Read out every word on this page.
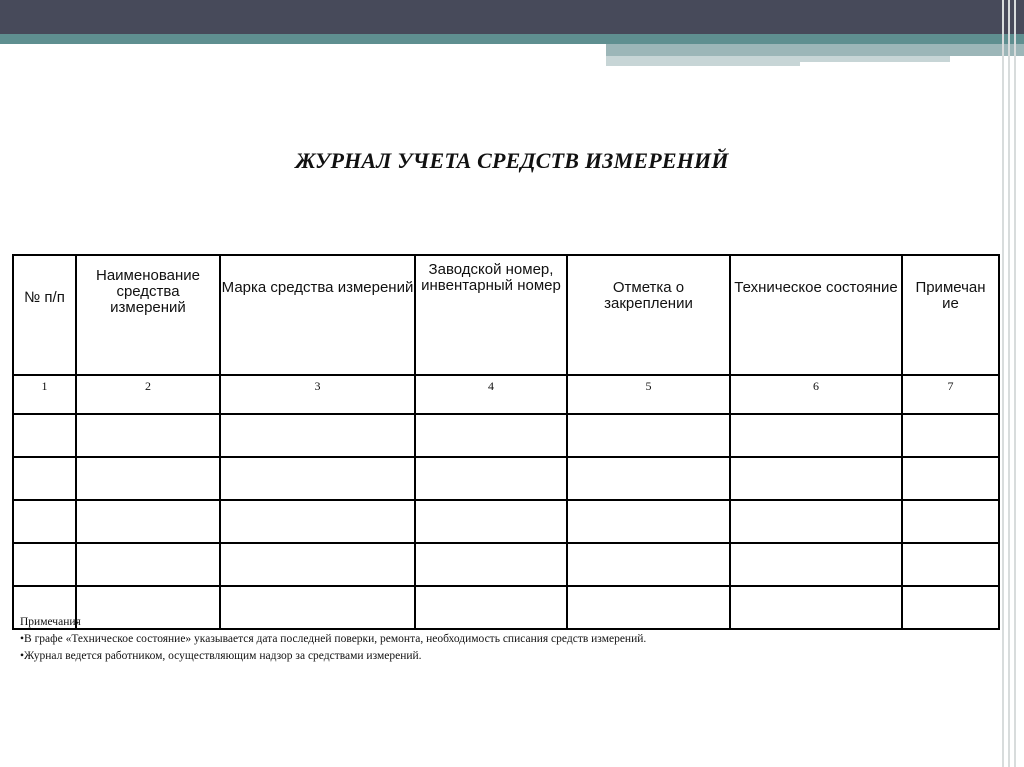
ЖУРНАЛ УЧЕТА СРЕДСТВ ИЗМЕРЕНИЙ
№ п/п	Наименование средства измерений	Марка средства измерений	Заводской номер, инвентарный номер	Отметка о закреплении	Техническое состояние	Примечан
ие
1	2	3	4	5	6	7

Примечания
•В графе «Техническое состояние» указывается дата последней поверки, ремонта, необходимость списания средств измерений.
•Журнал ведется работником, осуществляющим надзор за средствами измерений.
